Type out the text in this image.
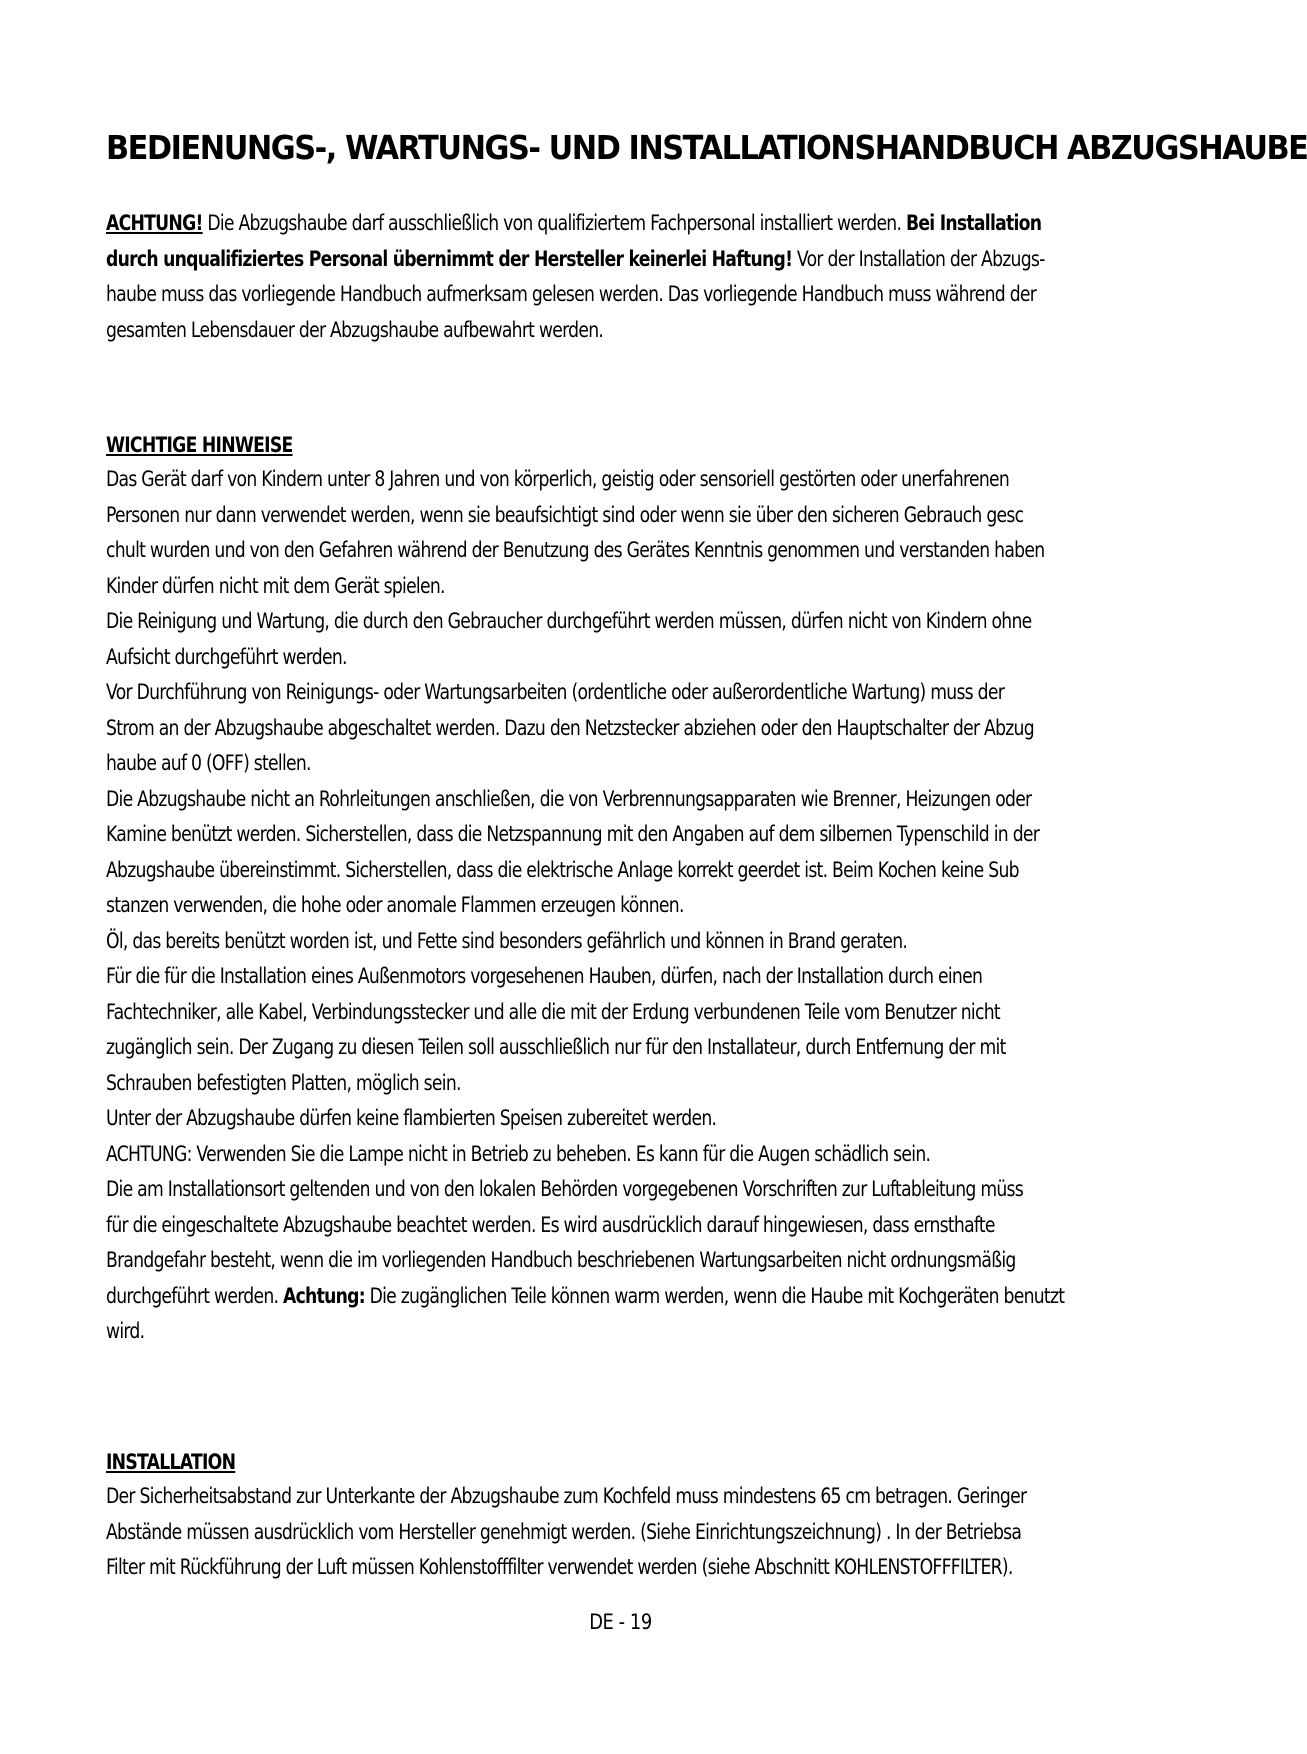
BEDIENUNGS-, WARTUNGS- UND INSTALLATIONSHANDBUCH ABZUGSHAUBE
ACHTUNG! Die Abzugshaube darf ausschließlich von qualifiziertem Fachpersonal installiert werden. Bei Installation
durch unqualifiziertes Personal übernimmt der Hersteller keinerlei Haftung! Vor der Installation der Abzugs-
haube muss das vorliegende Handbuch aufmerksam gelesen werden. Das vorliegende Handbuch muss während der
gesamten Lebensdauer der Abzugshaube aufbewahrt werden.
WICHTIGE HINWEISE
Das Gerät darf von Kindern unter 8 Jahren und von körperlich, geistig oder sensoriell gestörten oder unerfahrenen
Personen nur dann verwendet werden, wenn sie beaufsichtigt sind oder wenn sie über den sicheren Gebrauch gesc
chult wurden und von den Gefahren während der Benutzung des Gerätes Kenntnis genommen und verstanden haben
Kinder dürfen nicht mit dem Gerät spielen.
Die Reinigung und Wartung, die durch den Gebraucher durchgeführt werden müssen, dürfen nicht von Kindern ohne
Aufsicht durchgeführt werden.
Vor Durchführung von Reinigungs- oder Wartungsarbeiten (ordentliche oder außerordentliche Wartung) muss der
Strom an der Abzugshaube abgeschaltet werden. Dazu den Netzstecker abziehen oder den Hauptschalter der Abzug
haube auf 0 (OFF) stellen.
Die Abzugshaube nicht an Rohrleitungen anschließen, die von Verbrennungsapparaten wie Brenner, Heizungen oder
Kamine benützt werden. Sicherstellen, dass die Netzspannung mit den Angaben auf dem silbernen Typenschild in der
Abzugshaube übereinstimmt. Sicherstellen, dass die elektrische Anlage korrekt geerdet ist. Beim Kochen keine Sub
stanzen verwenden, die hohe oder anomale Flammen erzeugen können.
Öl, das bereits benützt worden ist, und Fette sind besonders gefährlich und können in Brand geraten.
Für die für die Installation eines Außenmotors vorgesehenen Hauben, dürfen, nach der Installation durch einen
Fachtechniker, alle Kabel, Verbindungsstecker und alle die mit der Erdung verbundenen Teile vom Benutzer nicht
zugänglich sein. Der Zugang zu diesen Teilen soll ausschließlich nur für den Installateur, durch Entfernung der mit
Schrauben befestigten Platten, möglich sein.
Unter der Abzugshaube dürfen keine flambierten Speisen zubereitet werden.
ACHTUNG: Verwenden Sie die Lampe nicht in Betrieb zu beheben. Es kann für die Augen schädlich sein.
Die am Installationsort geltenden und von den lokalen Behörden vorgegebenen Vorschriften zur Luftableitung müss
für die eingeschaltete Abzugshaube beachtet werden. Es wird ausdrücklich darauf hingewiesen, dass ernsthafte
Brandgefahr besteht, wenn die im vorliegenden Handbuch beschriebenen Wartungsarbeiten nicht ordnungsmäßig
durchgeführt werden. Achtung: Die zugänglichen Teile können warm werden, wenn die Haube mit Kochgeräten benutzt
wird.
INSTALLATION
Der Sicherheitsabstand zur Unterkante der Abzugshaube zum Kochfeld muss mindestens 65 cm betragen. Geringer
Abstände müssen ausdrücklich vom Hersteller genehmigt werden. (Siehe Einrichtungszeichnung) . In der Betriebsa
Filter mit Rückführung der Luft müssen Kohlenstofffilter verwendet werden (siehe Abschnitt KOHLENSTOFFFILTER).
DE - 19
